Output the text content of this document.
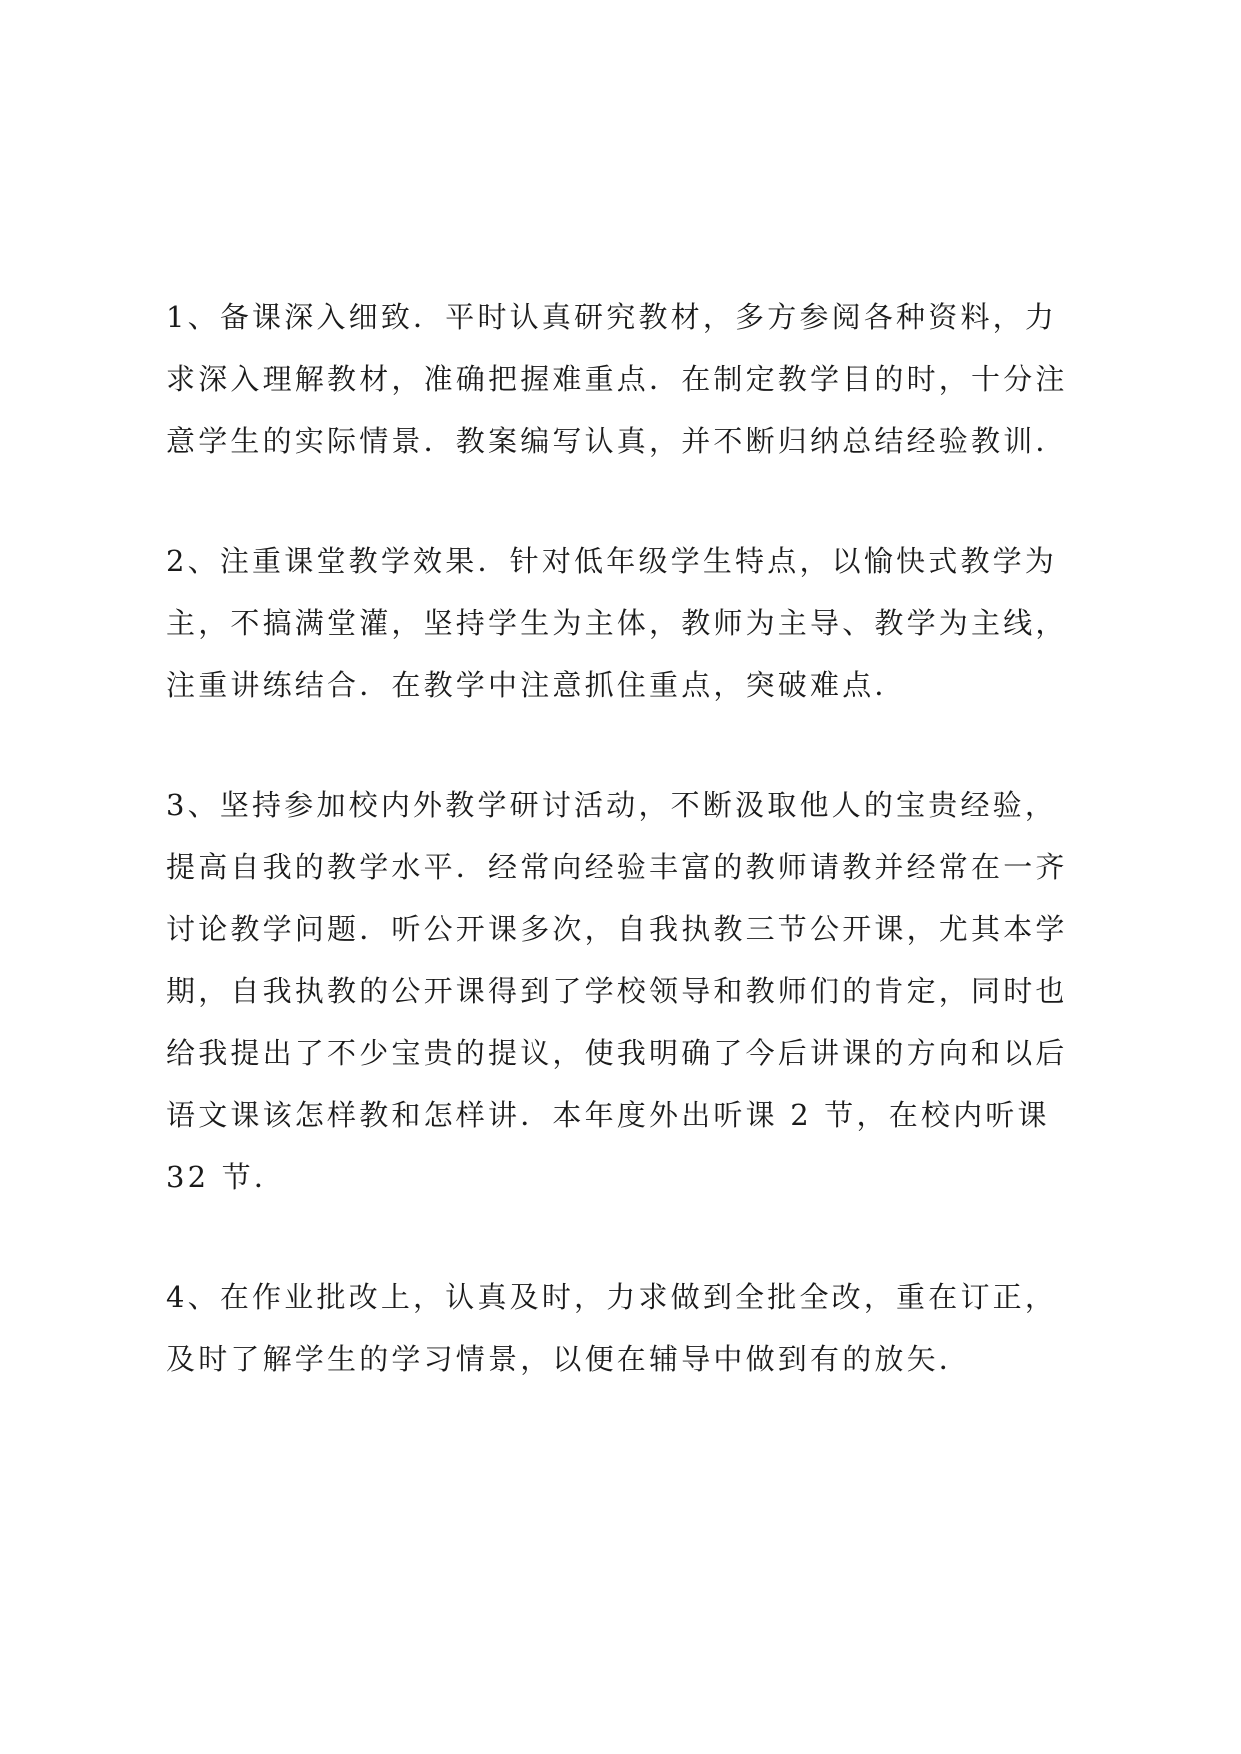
1、备课深入细致．平时认真研究教材，多方参阅各种资料，力
求深入理解教材，准确把握难重点．在制定教学目的时，十分注
意学生的实际情景．教案编写认真，并不断归纳总结经验教训．

2、注重课堂教学效果．针对低年级学生特点，以愉快式教学为
主，不搞满堂灌，坚持学生为主体，教师为主导、教学为主线，
注重讲练结合．在教学中注意抓住重点，突破难点．

3、坚持参加校内外教学研讨活动，不断汲取他人的宝贵经验，
提高自我的教学水平．经常向经验丰富的教师请教并经常在一齐
讨论教学问题．听公开课多次，自我执教三节公开课，尤其本学
期，自我执教的公开课得到了学校领导和教师们的肯定，同时也
给我提出了不少宝贵的提议，使我明确了今后讲课的方向和以后
语文课该怎样教和怎样讲．本年度外出听课 2 节，在校内听课
32 节．

4、在作业批改上，认真及时，力求做到全批全改，重在订正，
及时了解学生的学习情景，以便在辅导中做到有的放矢．
